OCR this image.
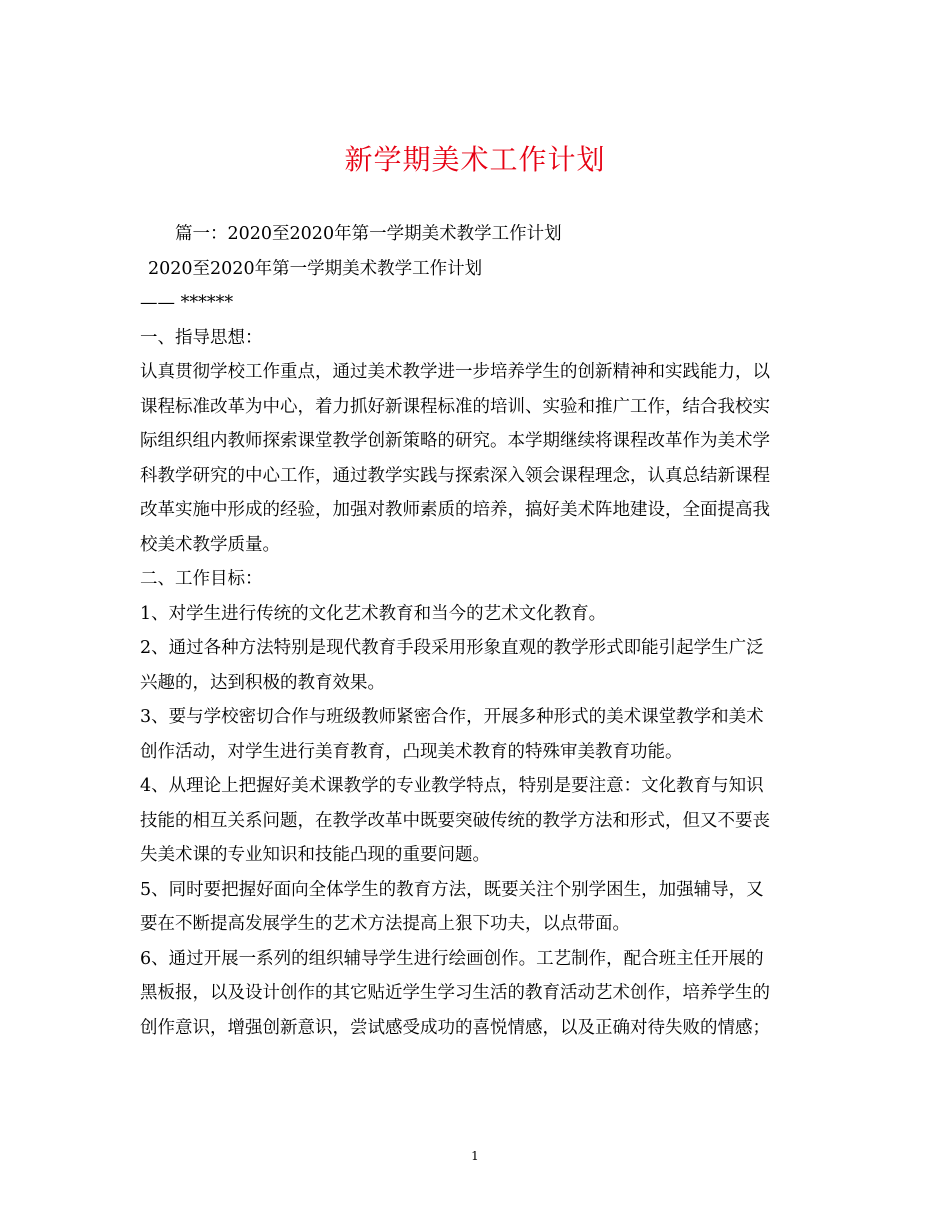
新学期美术工作计划
篇一：2020至2020年第一学期美术教学工作计划
2020至2020年第一学期美术教学工作计划
—— ******
一、指导思想：
认真贯彻学校工作重点，通过美术教学进一步培养学生的创新精神和实践能力，以
课程标准改革为中心，着力抓好新课程标准的培训、实验和推广工作，结合我校实
际组织组内教师探索课堂教学创新策略的研究。本学期继续将课程改革作为美术学
科教学研究的中心工作，通过教学实践与探索深入领会课程理念，认真总结新课程
改革实施中形成的经验，加强对教师素质的培养，搞好美术阵地建设，全面提高我
校美术教学质量。
二、工作目标：
1、对学生进行传统的文化艺术教育和当今的艺术文化教育。
2、通过各种方法特别是现代教育手段采用形象直观的教学形式即能引起学生广泛
兴趣的，达到积极的教育效果。
3、要与学校密切合作与班级教师紧密合作，开展多种形式的美术课堂教学和美术
创作活动，对学生进行美育教育，凸现美术教育的特殊审美教育功能。
4、从理论上把握好美术课教学的专业教学特点，特别是要注意：文化教育与知识
技能的相互关系问题，在教学改革中既要突破传统的教学方法和形式，但又不要丧
失美术课的专业知识和技能凸现的重要问题。
5、同时要把握好面向全体学生的教育方法，既要关注个别学困生，加强辅导，又
要在不断提高发展学生的艺术方法提高上狠下功夫，以点带面。
6、通过开展一系列的组织辅导学生进行绘画创作。工艺制作，配合班主任开展的
黑板报，以及设计创作的其它贴近学生学习生活的教育活动艺术创作，培养学生的
创作意识，增强创新意识，尝试感受成功的喜悦情感，以及正确对待失败的情感；
1
